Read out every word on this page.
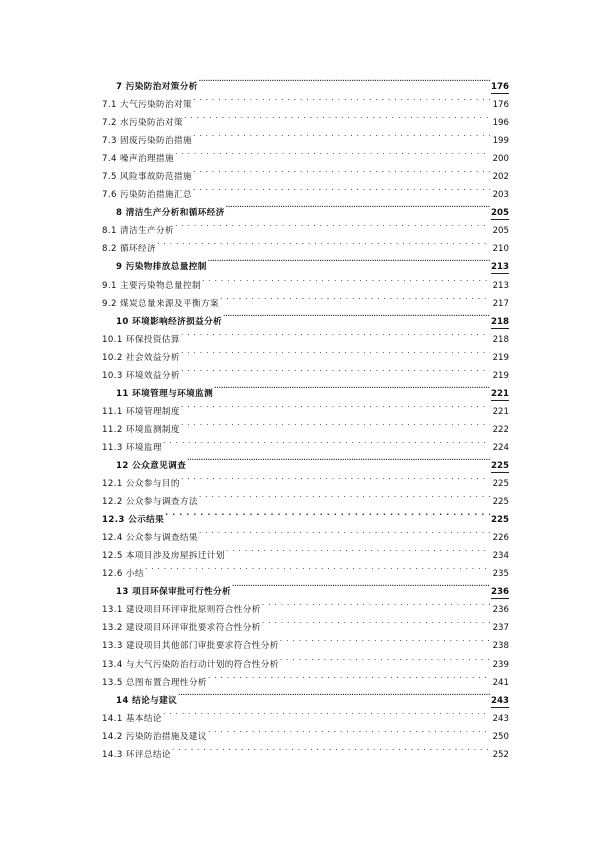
7 污染防治对策分析 .....	176
7.1 大气污染防治对策 . . .	176
7.2 水污染防治对策 . . .	196
7.3 固废污染防治措施 . . .	199
7.4 噪声治理措施 . . .	200
7.5 风险事故防范措施 . . .	202
7.6 污染防治措施汇总 . . .	203
8 清洁生产分析和循环经济 .....	205
8.1 清洁生产分析 . . .	205
8.2 循环经济 . . .	210
9 污染物排放总量控制 .....	213
9.1 主要污染物总量控制 . . .	213
9.2 煤炭总量来源及平衡方案 . . .	217
10 环境影响经济损益分析 .....	218
10.1 环保投资估算 . . .	218
10.2 社会效益分析 . . .	219
10.3 环境效益分析 . . .	219
11 环境管理与环境监测 .....	221
11.1 环境管理制度 . . .	221
11.2 环境监测制度 . . .	222
11.3 环境监理 . . .	224
12 公众意见调查 .....	225
12.1 公众参与目的 . . .	225
12.2 公众参与调查方法 . . .	225
12.3 公示结果 . . .	225
12.4 公众参与调查结果 . . .	226
12.5 本项目涉及房屋拆迁计划 . . .	234
12.6 小结 . . .	235
13 项目环保审批可行性分析 .....	236
13.1 建设项目环评审批原则符合性分析 . . .	236
13.2 建设项目环评审批要求符合性分析 . . .	237
13.3 建设项目其他部门审批要求符合性分析 . . .	238
13.4 与大气污染防治行动计划的符合性分析 . . .	239
13.5 总图布置合理性分析 . . .	241
14 结论与建议 .....	243
14.1 基本结论 . . .	243
14.2 污染防治措施及建议 . . .	250
14.3 环评总结论 . . .	252
